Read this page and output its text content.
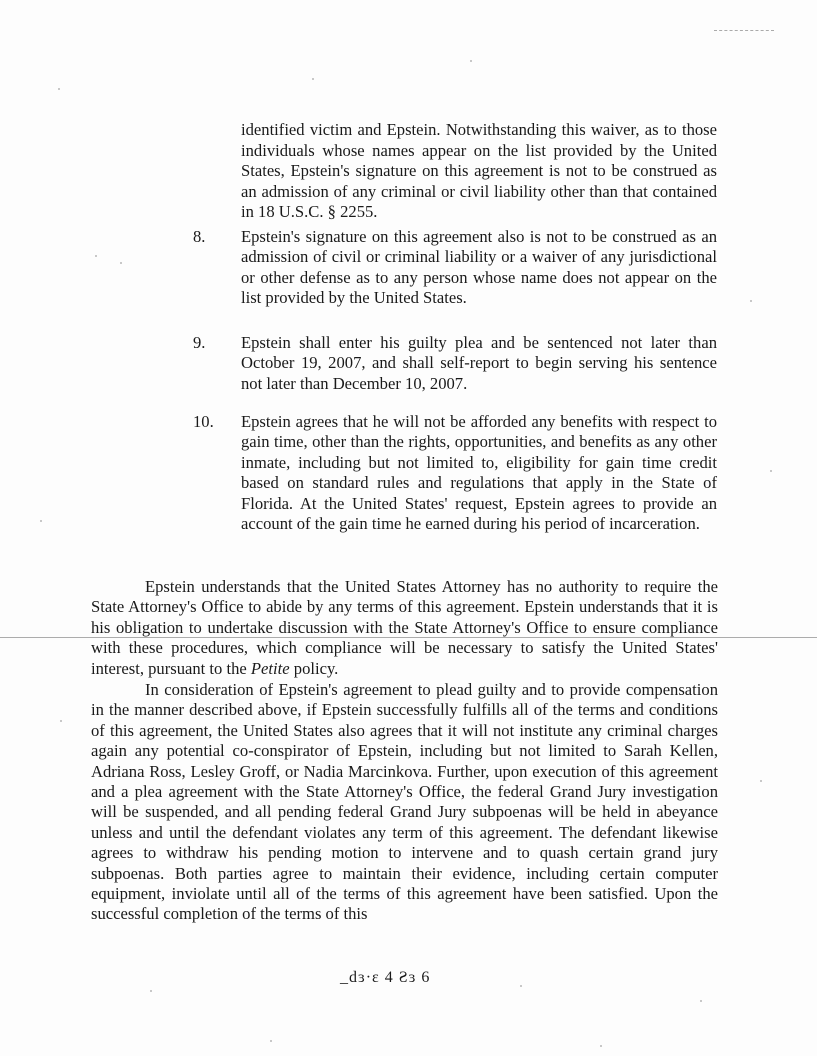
identified victim and Epstein. Notwithstanding this waiver, as to those individuals whose names appear on the list provided by the United States, Epstein's signature on this agreement is not to be construed as an admission of any criminal or civil liability other than that contained in 18 U.S.C. § 2255.

8.	Epstein's signature on this agreement also is not to be construed as an admission of civil or criminal liability or a waiver of any jurisdictional or other defense as to any person whose name does not appear on the list provided by the United States.

9.	Epstein shall enter his guilty plea and be sentenced not later than October 19, 2007, and shall self-report to begin serving his sentence not later than December 10, 2007.

10.	Epstein agrees that he will not be afforded any benefits with respect to gain time, other than the rights, opportunities, and benefits as any other inmate, including but not limited to, eligibility for gain time credit based on standard rules and regulations that apply in the State of Florida. At the United States' request, Epstein agrees to provide an account of the gain time he earned during his period of incarceration.

Epstein understands that the United States Attorney has no authority to require the State Attorney's Office to abide by any terms of this agreement. Epstein understands that it is his obligation to undertake discussion with the State Attorney's Office to ensure compliance with these procedures, which compliance will be necessary to satisfy the United States' interest, pursuant to the Petite policy.

In consideration of Epstein's agreement to plead guilty and to provide compensation in the manner described above, if Epstein successfully fulfills all of the terms and conditions of this agreement, the United States also agrees that it will not institute any criminal charges again any potential co-conspirator of Epstein, including but not limited to Sarah Kellen, Adriana Ross, Lesley Groff, or Nadia Marcinkova. Further, upon execution of this agreement and a plea agreement with the State Attorney's Office, the federal Grand Jury investigation will be suspended, and all pending federal Grand Jury subpoenas will be held in abeyance unless and until the defendant violates any term of this agreement. The defendant likewise agrees to withdraw his pending motion to intervene and to quash certain grand jury subpoenas. Both parties agree to maintain their evidence, including certain computer equipment, inviolate until all of the terms of this agreement have been satisfied. Upon the successful completion of the terms of this

_dɜ·ɛ 4 Ƨɜ 6
